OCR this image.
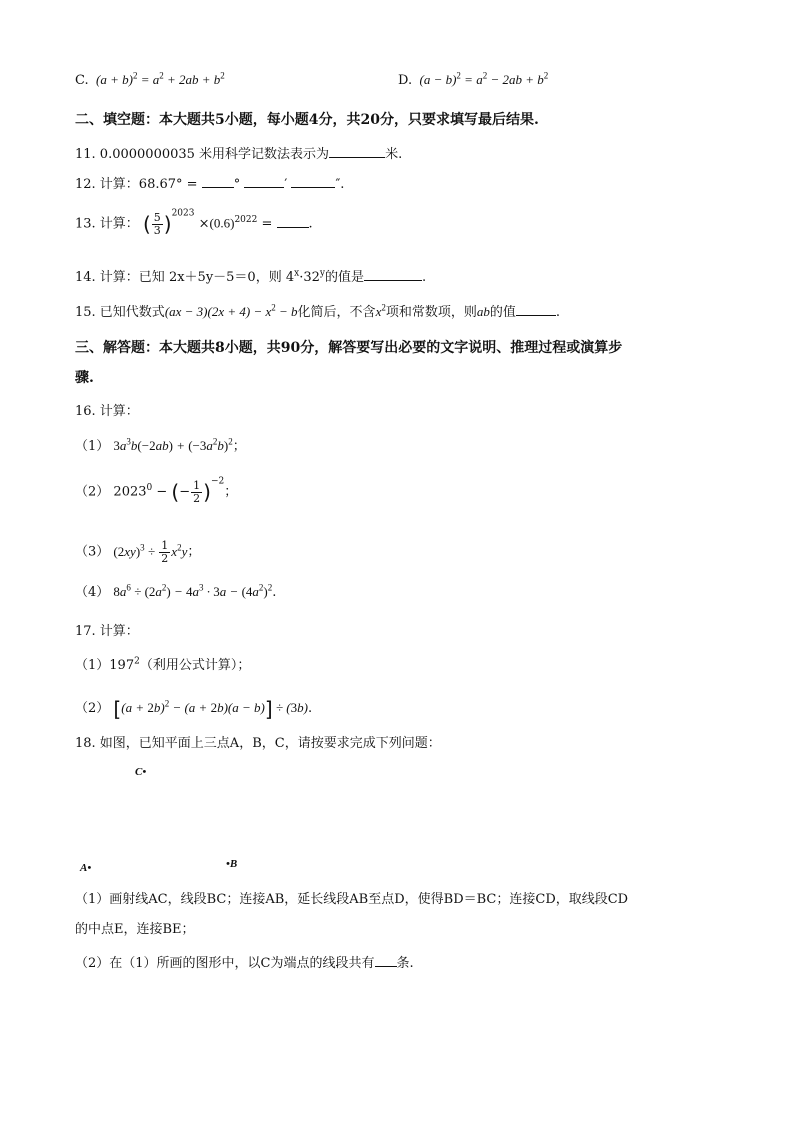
C.  $(a + b)^2 = a^2 + 2ab + b^2$	D.  $(a - b)^2 = a^2 - 2ab + b^2$
二、填空题：本大题共5小题，每小题4分，共20分，只要求填写最后结果.
11. 0.0000000035 米用科学记数法表示为	米.
12. 计算：68.67° =	°	′	″.
13. 计算： ( $\frac{5}{3} )^{2023} \times(0.6)^{2022}$ = .
14. 计算：已知 2x＋5y－5＝0，则 $4^x\cdot 32^y$的值是	.
15. 已知代数式$(ax - 3)(2x + 4) - x^2 - b$化简后，不含$x^2$项和常数项，则ab的值	.
三、解答题：本大题共8小题，共90分，解答要写出必要的文字说明、推理过程或演算步
骤.
16. 计算：
（1） $3a^3b(-2ab) + (-3a^2b)^2$；
（2） $2023^0$ − (− $\frac{1}{2} )^{-2}$；
（3） $(2xy)^3 \div \frac{1}{2} x^2y$；
（4） $8a^6 \div (2a^2) - 4a^3 \cdot 3a - (4a^2)^2$.
17. 计算：
$(1)197^2$（利用公式计算）；
（2） $[(a + 2b)^2 - (a + 2b)(a - b)] \div (3b)$.
18. 如图，已知平面上三点A，B，C，请按要求完成下列问题：
C•
A•	•B
（1）画射线AC，线段BC；连接AB，延长线段AB至点D，使得BD＝BC；连接CD，取线段CD
的中点E，连接BE；
（2）在（1）所画的图形中，以C为端点的线段共有 条.
